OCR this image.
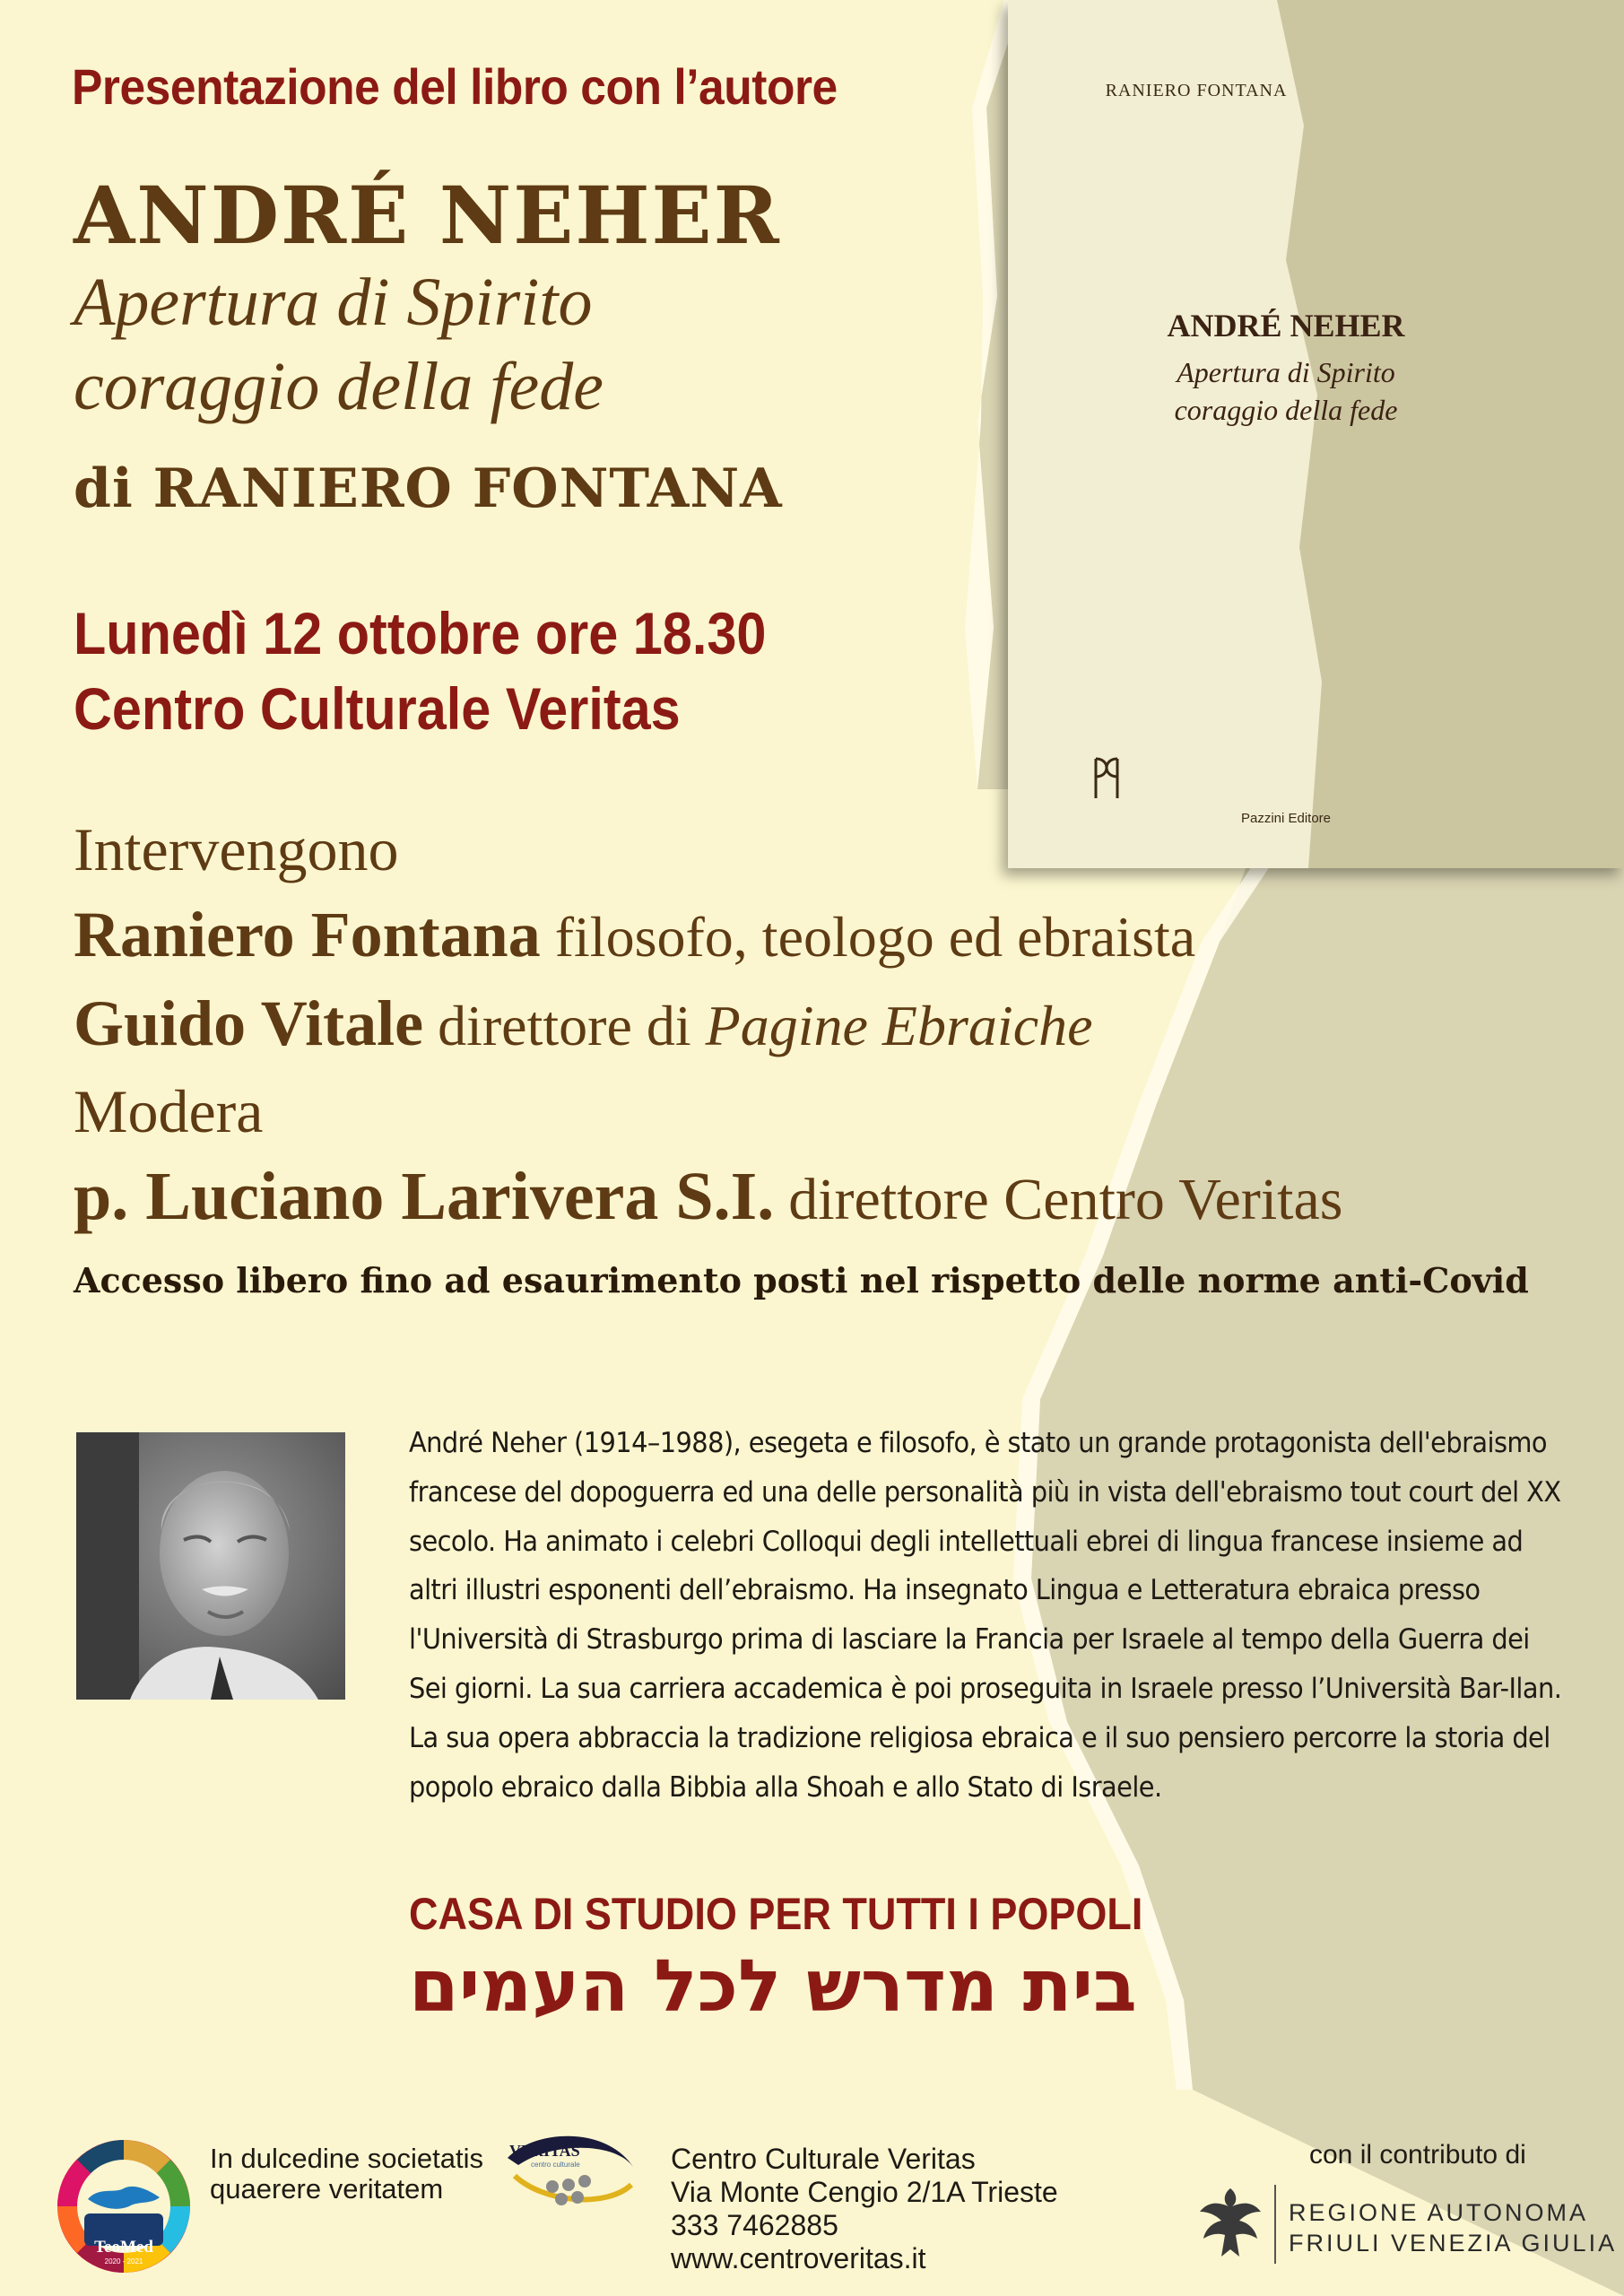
Presentazione del libro con l’autore
ANDRÉ NEHER
Apertura di Spirito
coraggio della fede
di RANIERO FONTANA
Lunedì 12 ottobre ore 18.30
Centro Culturale Veritas
Intervengono
Raniero Fontana filosofo, teologo ed ebraista
Guido Vitale direttore di Pagine Ebraiche
Modera
p. Luciano Larivera S.I. direttore Centro Veritas
Accesso libero fino ad esaurimento posti nel rispetto delle norme anti-Covid
RANIERO FONTANA
ANDRÉ NEHER
Apertura di Spirito
coraggio della fede
Pazzini Editore
André Neher (1914–1988), esegeta e filosofo, è stato un grande protagonista dell'ebraismo
francese del dopoguerra ed una delle personalità più in vista dell'ebraismo tout court del XX
secolo. Ha animato i celebri Colloqui degli intellettuali ebrei di lingua francese insieme ad
altri illustri esponenti dell’ebraismo. Ha insegnato Lingua e Letteratura ebraica presso
l'Università di Strasburgo prima di lasciare la Francia per Israele al tempo della Guerra dei
Sei giorni. La sua carriera accademica è poi proseguita in Israele presso l’Università Bar-Ilan.
La sua opera abbraccia la tradizione religiosa ebraica e il suo pensiero percorre la storia del
popolo ebraico dalla Bibbia alla Shoah e allo Stato di Israele.
CASA DI STUDIO PER TUTTI I POPOLI
בית מדרש לכל העמים
TeoMed
2020 - 2021
In dulcedine societatis
quaerere veritatem
VERITAS
centro culturale	Centro Culturale Veritas
Via Monte Cengio 2/1A Trieste
333 7462885
www.centroveritas.it
con il contributo di
REGIONE AUTONOMA
FRIULI VENEZIA GIULIA
